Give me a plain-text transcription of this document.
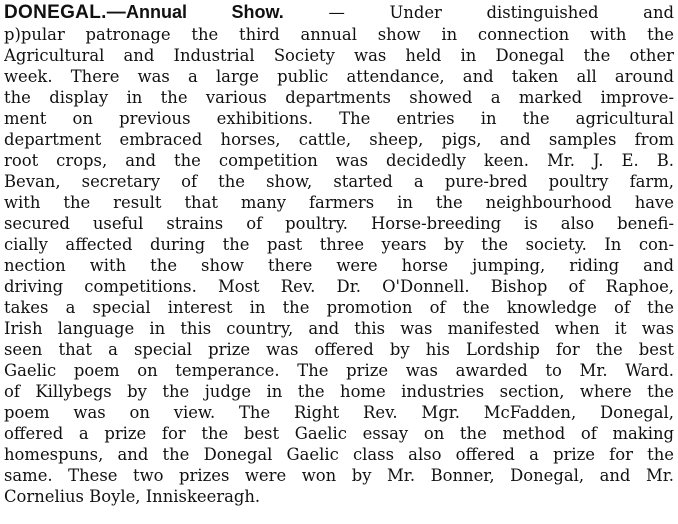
DONEGAL.—Annual Show. — Under distinguished and
p)pular patronage the third annual show in connection with the
Agricultural and Industrial Society was held in Donegal the other
week. There was a large public attendance, and taken all around
the display in the various departments showed a marked improve-
ment on previous exhibitions. The entries in the agricultural
department embraced horses, cattle, sheep, pigs, and samples from
root crops, and the competition was decidedly keen. Mr. J. E. B.
Bevan, secretary of the show, started a pure-bred poultry farm,
with the result that many farmers in the neighbourhood have
secured useful strains of poultry. Horse-breeding is also benefi-
cially affected during the past three years by the society. In con-
nection with the show there were horse jumping, riding and
driving competitions. Most Rev. Dr. O'Donnell. Bishop of Raphoe,
takes a special interest in the promotion of the knowledge of the
Irish language in this country, and this was manifested when it was
seen that a special prize was offered by his Lordship for the best
Gaelic poem on temperance. The prize was awarded to Mr. Ward.
of Killybegs by the judge in the home industries section, where the
poem was on view. The Right Rev. Mgr. McFadden, Donegal,
offered a prize for the best Gaelic essay on the method of making
homespuns, and the Donegal Gaelic class also offered a prize for the
same. These two prizes were won by Mr. Bonner, Donegal, and Mr.
Cornelius Boyle, Inniskeeragh.
